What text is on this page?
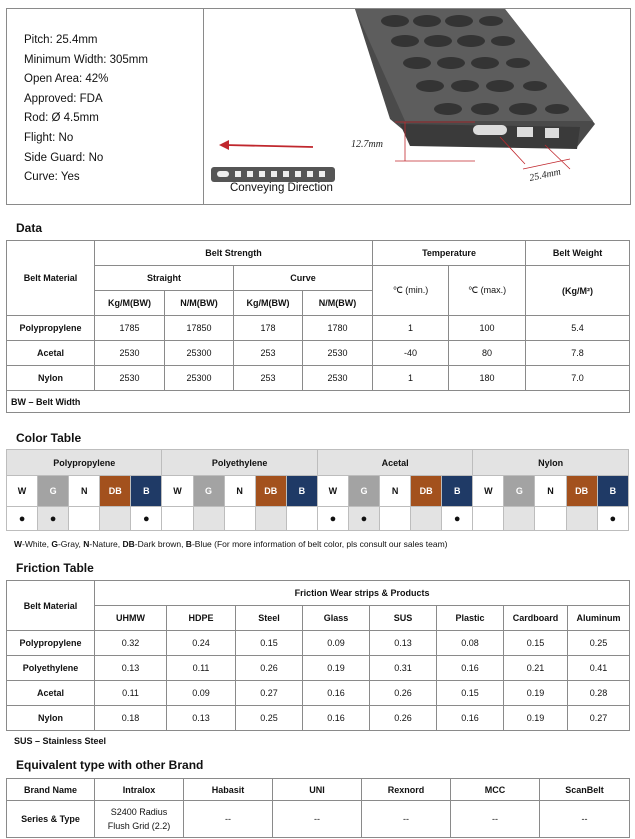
Pitch: 25.4mm
Minimum Width: 305mm
Open Area: 42%
Approved: FDA
Rod: Ø 4.5mm
Flight: No
Side Guard: No
Curve: Yes
12.7mm
25.4mm
Conveying Direction
Data
Belt Material	Belt Strength				Temperature		Belt Weight
	Straight		Curve		℃ (min.)	℃ (max.)	(Kg/M²)
	Kg/M(BW)	N/M(BW)	Kg/M(BW)	N/M(BW)			
Polypropylene	1785	17850	178	1780	1	100	5.4
Acetal	2530	25300	253	2530	-40	80	7.8
Nylon	2530	25300	253	2530	1	180	7.0
BW – Belt Width							
Color Table
Polypropylene					Polyethylene					Acetal					Nylon				
W	G	N	DB	B	W	G	N	DB	B	W	G	N	DB	B	W	G	N	DB	B
●	●			●						●	●			●					●
W-White, G-Gray, N-Nature, DB-Dark brown, B-Blue (For more information of belt color, pls consult our sales team)
Friction Table
Belt Material	Friction Wear strips & Products							
	UHMW	HDPE	Steel	Glass	SUS	Plastic	Cardboard	Aluminum
Polypropylene	0.32	0.24	0.15	0.09	0.13	0.08	0.15	0.25
Polyethylene	0.13	0.11	0.26	0.19	0.31	0.16	0.21	0.41
Acetal	0.11	0.09	0.27	0.16	0.26	0.15	0.19	0.28
Nylon	0.18	0.13	0.25	0.16	0.26	0.16	0.19	0.27
SUS – Stainless Steel
Equivalent type with other Brand
Brand Name	Intralox	Habasit	UNI	Rexnord	MCC	ScanBelt
Series & Type	S2400 Radius Flush Grid (2.2)	--	--	--	--	--
